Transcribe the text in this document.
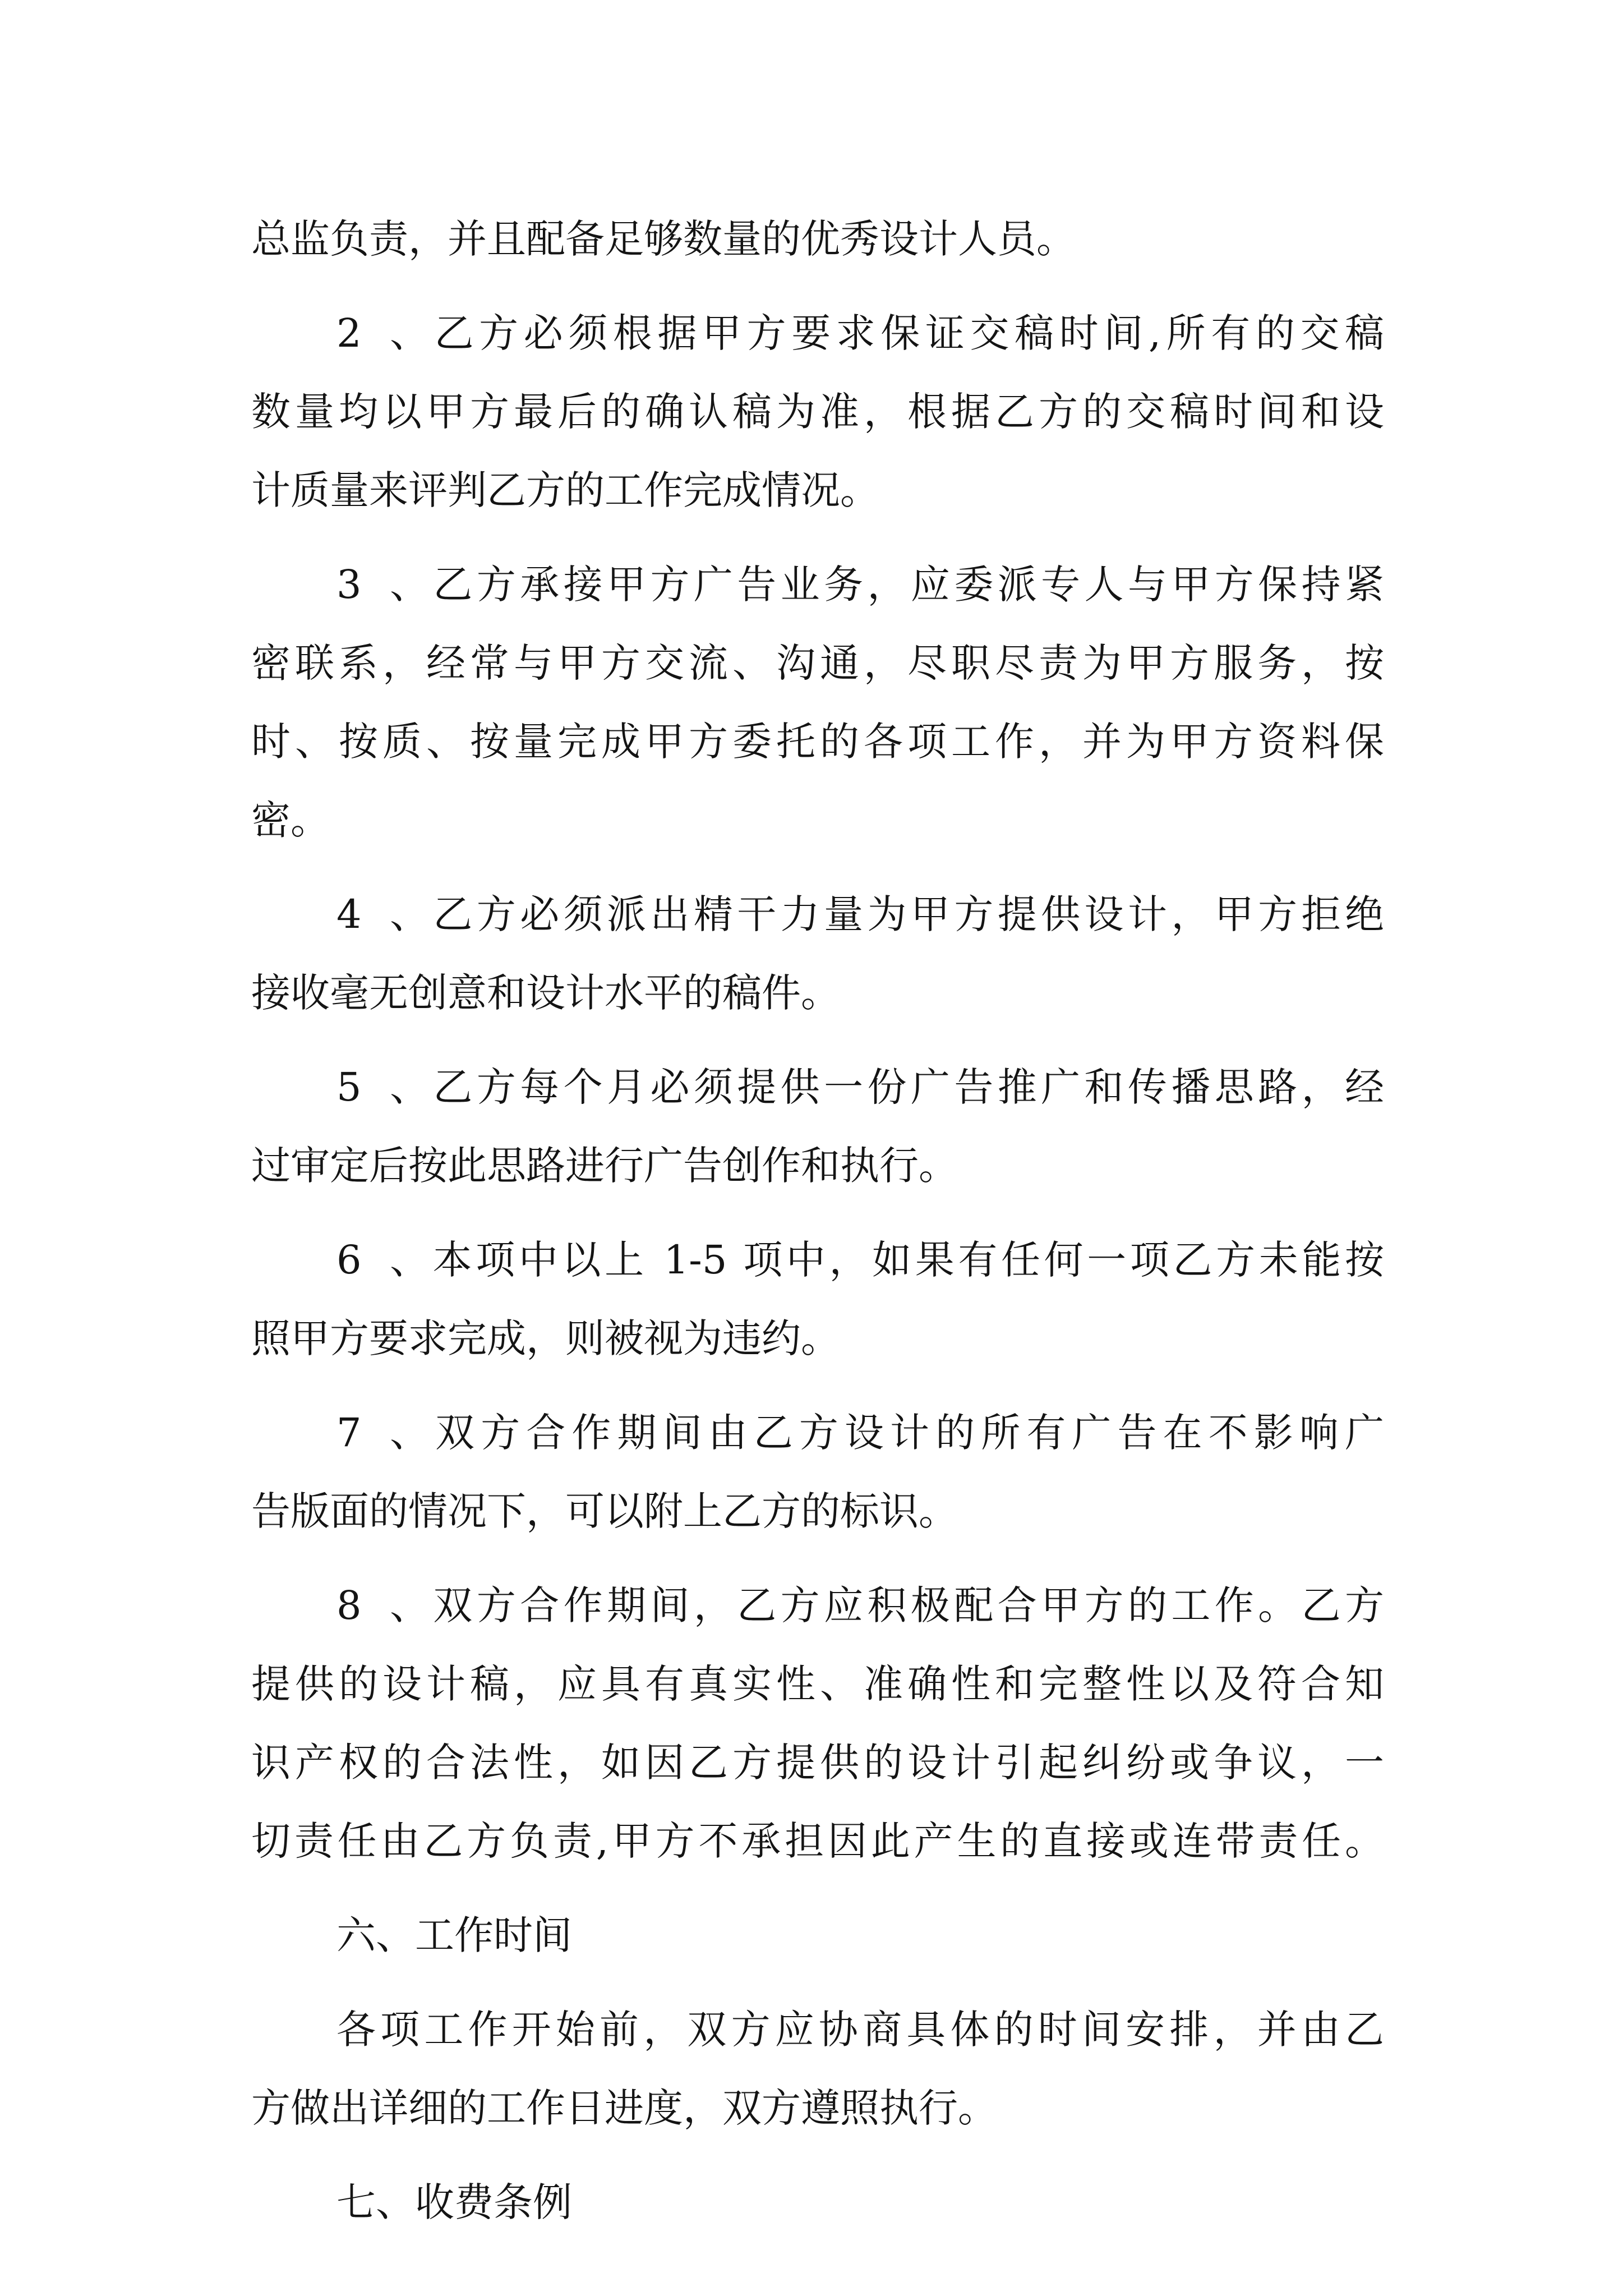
总监负责，并且配备足够数量的优秀设计人员。
2、乙方必须根据甲方要求保证交稿时间,所有的交稿
数量均以甲方最后的确认稿为准，根据乙方的交稿时间和设
计质量来评判乙方的工作完成情况。
3、乙方承接甲方广告业务，应委派专人与甲方保持紧
密联系，经常与甲方交流、沟通，尽职尽责为甲方服务，按
时、按质、按量完成甲方委托的各项工作，并为甲方资料保
密。
4、乙方必须派出精干力量为甲方提供设计，甲方拒绝
接收毫无创意和设计水平的稿件。
5、乙方每个月必须提供一份广告推广和传播思路，经
过审定后按此思路进行广告创作和执行。
6、本项中以上 1-5 项中，如果有任何一项乙方未能按
照甲方要求完成，则被视为违约。
7、双方合作期间由乙方设计的所有广告在不影响广
告版面的情况下，可以附上乙方的标识。
8、双方合作期间，乙方应积极配合甲方的工作。乙方
提供的设计稿，应具有真实性、准确性和完整性以及符合知
识产权的合法性，如因乙方提供的设计引起纠纷或争议，一
切责任由乙方负责,甲方不承担因此产生的直接或连带责任。
六、工作时间
各项工作开始前，双方应协商具体的时间安排，并由乙
方做出详细的工作日进度，双方遵照执行。
七、收费条例
